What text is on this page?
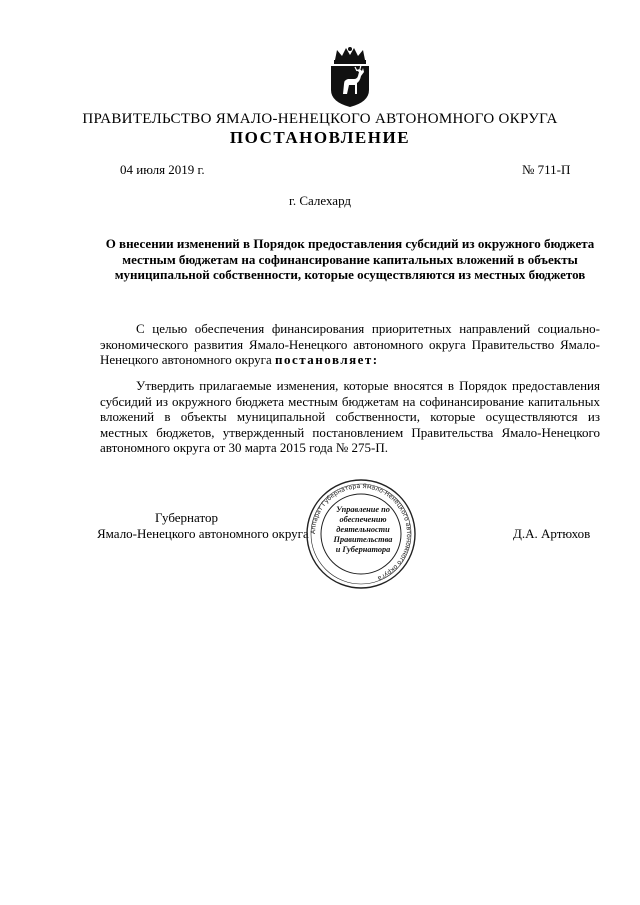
ПРАВИТЕЛЬСТВО ЯМАЛО-НЕНЕЦКОГО АВТОНОМНОГО ОКРУГА
ПОСТАНОВЛЕНИЕ
04 июля 2019 г.	№ 711-П
г. Салехард
О внесении изменений в Порядок предоставления субсидий из окружного бюджета местным бюджетам на софинансирование капитальных вложений в объекты муниципальной собственности, которые осуществляются из местных бюджетов
С целью обеспечения финансирования приоритетных направлений социально-экономического развития Ямало-Ненецкого автономного округа Правительство Ямало-Ненецкого автономного округа постановляет:
Утвердить прилагаемые изменения, которые вносятся в Порядок предоставления субсидий из окружного бюджета местным бюджетам на софинансирование капитальных вложений в объекты муниципальной собственности, которые осуществляются из местных бюджетов, утвержденный постановлением Правительства Ямало-Ненецкого автономного округа от 30 марта 2015 года № 275-П.
Губернатор
Ямало-Ненецкого автономного округа Аппарат Губернатора Ямало-Ненецкого автономного округа
Управление по обеспечению деятельности Правительства и Губернатора
Д.А. Артюхов
